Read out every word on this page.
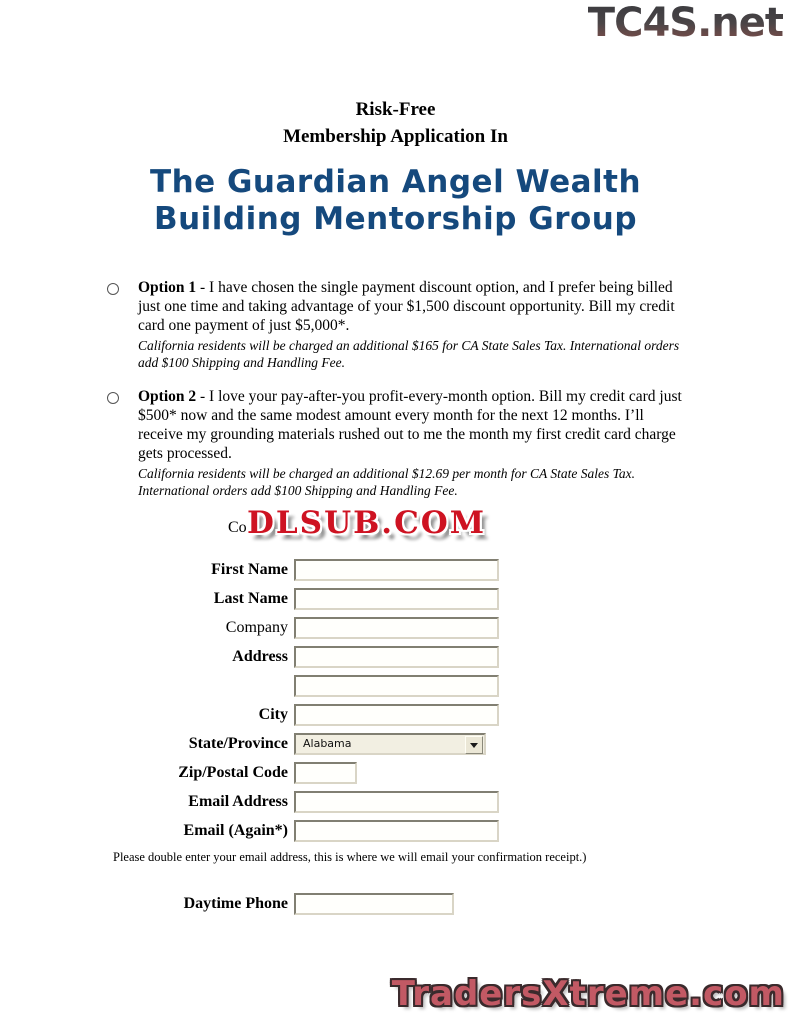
TC4S.net
Risk-Free
Membership Application In
The Guardian Angel Wealth
Building Mentorship Group
Option 1 - I have chosen the single payment discount option, and I prefer being billed just one time and taking advantage of your $1,500 discount opportunity. Bill my credit card one payment of just $5,000*.
California residents will be charged an additional $165 for CA State Sales Tax. International orders add $100 Shipping and Handling Fee.
Option 2 - I love your pay-after-you profit-every-month option. Bill my credit card just $500* now and the same modest amount every month for the next 12 months. I’ll receive my grounding materials rushed out to me the month my first credit card charge gets processed.
California residents will be charged an additional $12.69 per month for CA State Sales Tax. International orders add $100 Shipping and Handling Fee.
Co DLSUB.COM
First Name
Last Name
Company
Address
City
State/Province	Alabama
Zip/Postal Code
Email Address
Email (Again*)
Please double enter your email address, this is where we will email your confirmation receipt.)
Daytime Phone
TradersXtreme.com
